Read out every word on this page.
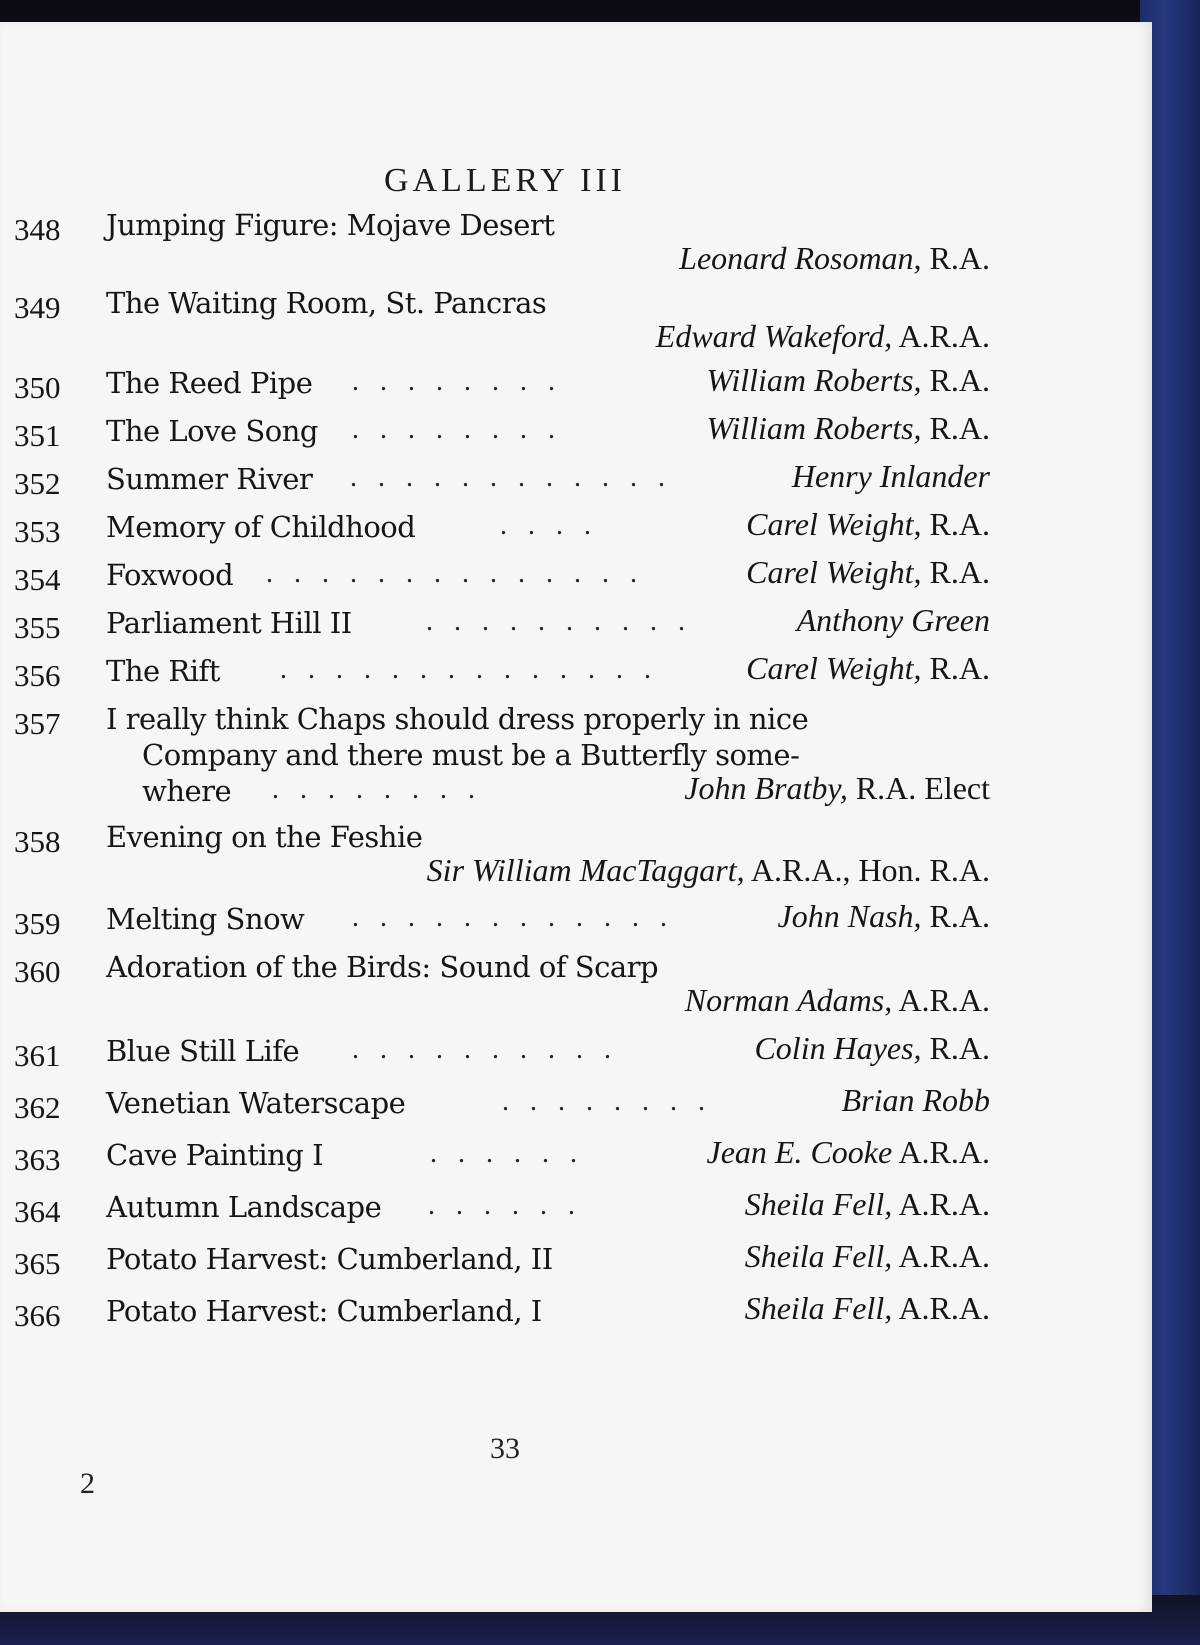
GALLERY III
348 Jumping Figure: Mojave Desert
Leonard Rosoman, R.A.
349 The Waiting Room, St. Pancras
Edward Wakeford, A.R.A.
350 The Reed Pipe . . . . . . . .	William Roberts, R.A.
351 The Love Song . . . . . . . .	William Roberts, R.A.
352 Summer River . . . . . . . . . . . .	Henry Inlander
353 Memory of Childhood	. . . .	Carel Weight, R.A.
354 Foxwood . . . . . . . . . . . . . .	Carel Weight, R.A.
355 Parliament Hill II	. . . . . . . . . .	Anthony Green
356 The Rift . . . . . . . . . . . . . .	Carel Weight, R.A.
357 I really think Chaps should dress properly in nice
Company and there must be a Butterfly some-
where . . . . . . . .	John Bratby, R.A. Elect
358 Evening on the Feshie
Sir William MacTaggart, A.R.A., Hon. R.A.
359 Melting Snow . . . . . . . . . . . .	John Nash, R.A.
360 Adoration of the Birds: Sound of Scarp
Norman Adams, A.R.A.
361 Blue Still Life . . . . . . . . . .	Colin Hayes, R.A.
362 Venetian Waterscape	. . . . . . . .	Brian Robb
363 Cave Painting I	. . . . . .	Jean E. Cooke A.R.A.
364 Autumn Landscape . . . . . .	Sheila Fell, A.R.A.
365 Potato Harvest: Cumberland, II	Sheila Fell, A.R.A.
366 Potato Harvest: Cumberland, I	Sheila Fell, A.R.A.
33
2
